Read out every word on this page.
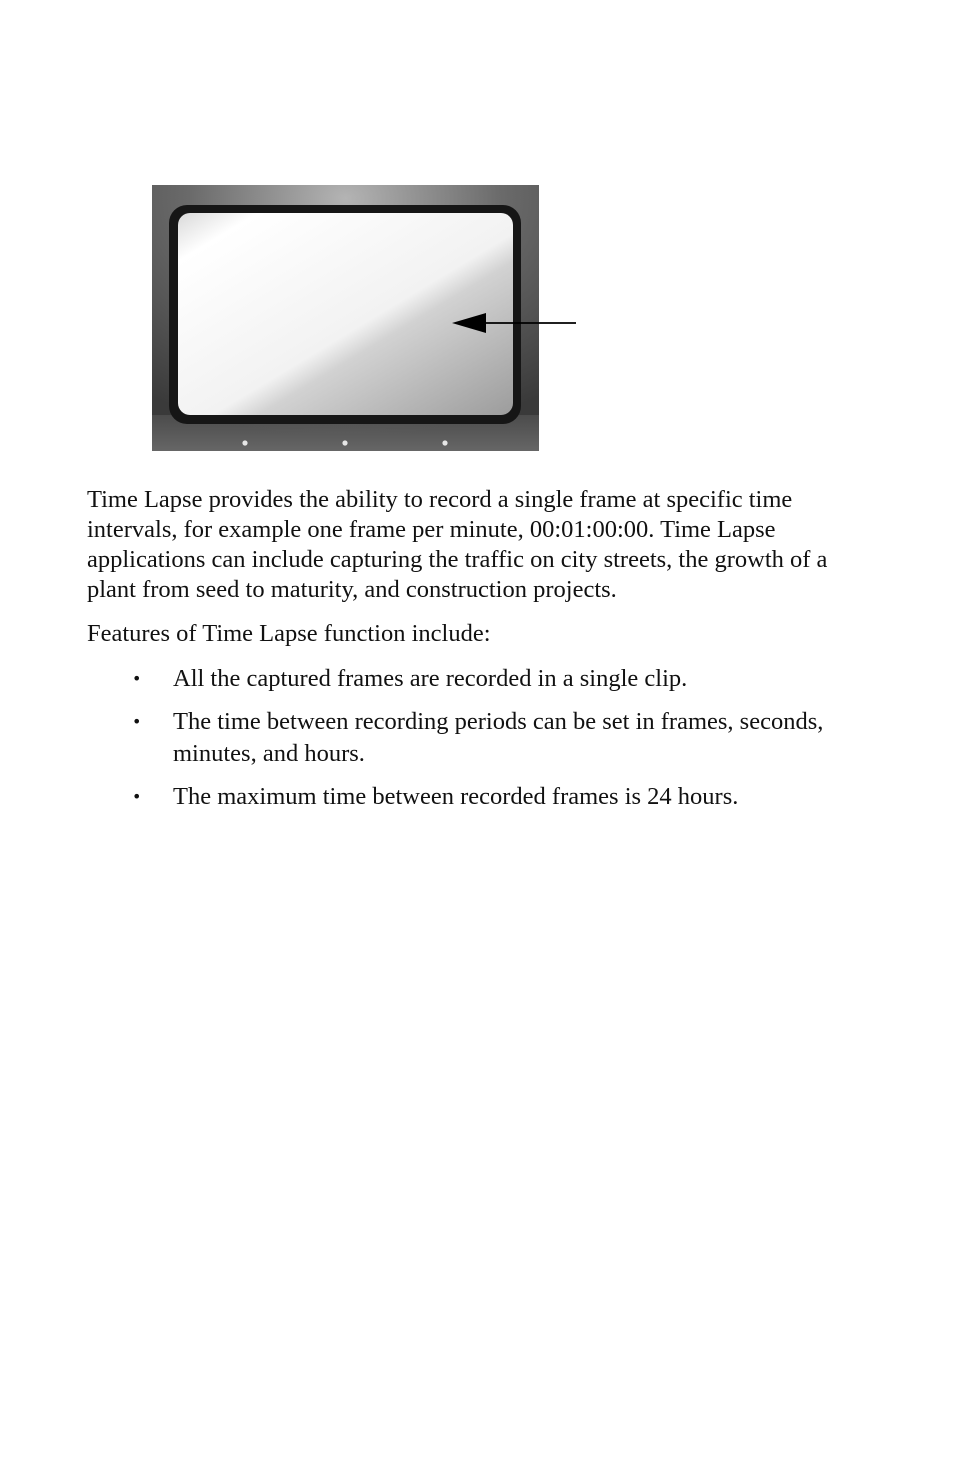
Time Lapse provides the ability to record a single frame at specific time intervals, for example one frame per minute, 00:01:00:00. Time Lapse applications can include capturing the traffic on city streets, the growth of a plant from seed to maturity, and construction projects.

Features of Time Lapse function include:

• All the captured frames are recorded in a single clip.
• The time between recording periods can be set in frames, seconds, minutes, and hours.
• The maximum time between recorded frames is 24 hours.
